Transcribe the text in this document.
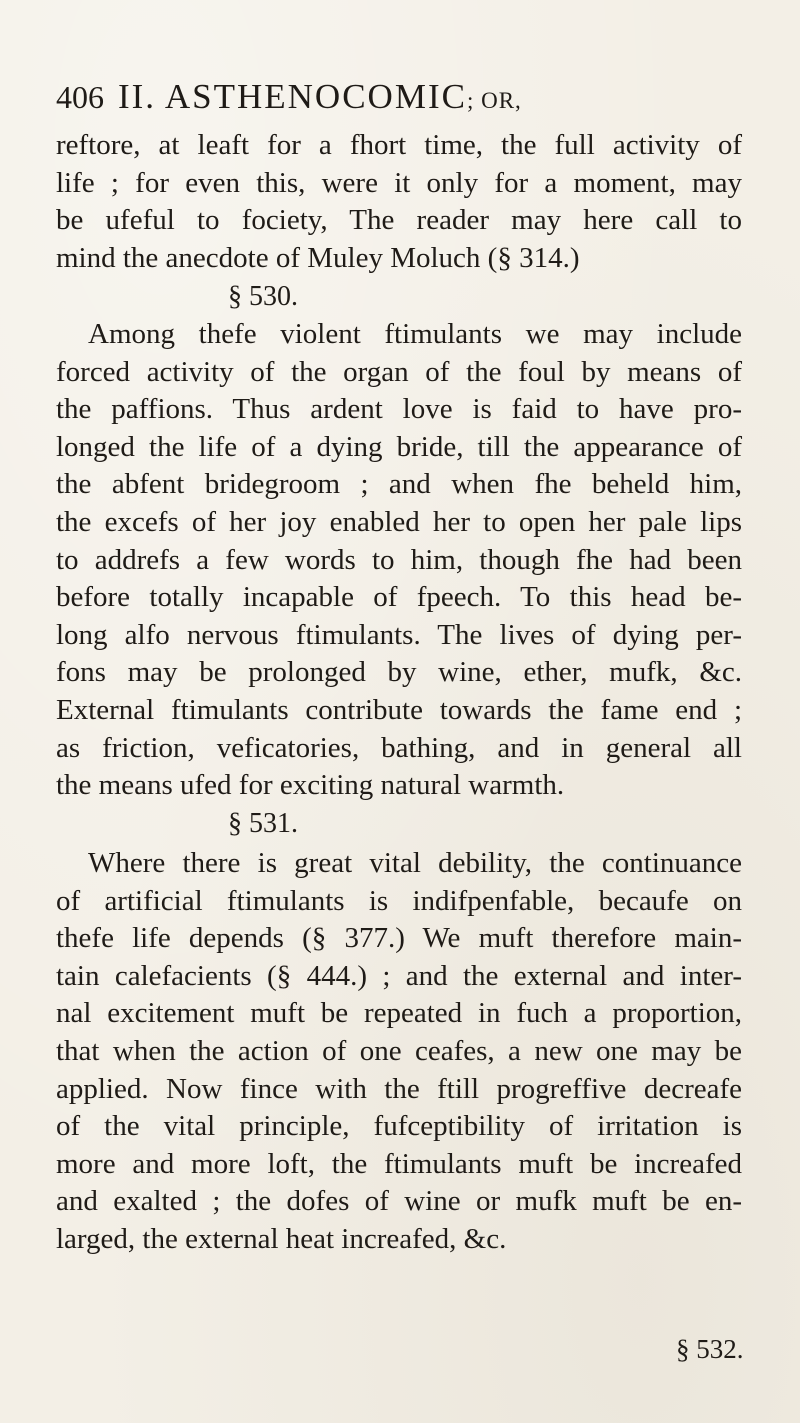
406 II. ASTHENOCOMIC; OR,
reftore, at leaft for a fhort time, the full activity of
life ; for even this, were it only for a moment, may
be ufeful to fociety, The reader may here call to
mind the anecdote of Muley Moluch (§ 314.)
§ 530.
Among thefe violent ftimulants we may include
forced activity of the organ of the foul by means of
the paffions. Thus ardent love is faid to have pro-
longed the life of a dying bride, till the appearance of
the abfent bridegroom ; and when fhe beheld him,
the excefs of her joy enabled her to open her pale lips
to addrefs a few words to him, though fhe had been
before totally incapable of fpeech. To this head be-
long alfo nervous ftimulants. The lives of dying per-
fons may be prolonged by wine, ether, mufk, &c.
External ftimulants contribute towards the fame end ;
as friction, veficatories, bathing, and in general all
the means ufed for exciting natural warmth.
§ 531.
Where there is great vital debility, the continuance
of artificial ftimulants is indifpenfable, becaufe on
thefe life depends (§ 377.) We muft therefore main-
tain calefacients (§ 444.) ; and the external and inter-
nal excitement muft be repeated in fuch a proportion,
that when the action of one ceafes, a new one may be
applied. Now fince with the ftill progreffive decreafe
of the vital principle, fufceptibility of irritation is
more and more loft, the ftimulants muft be increafed
and exalted ; the dofes of wine or mufk muft be en-
larged, the external heat increafed, &c.
§ 532.
